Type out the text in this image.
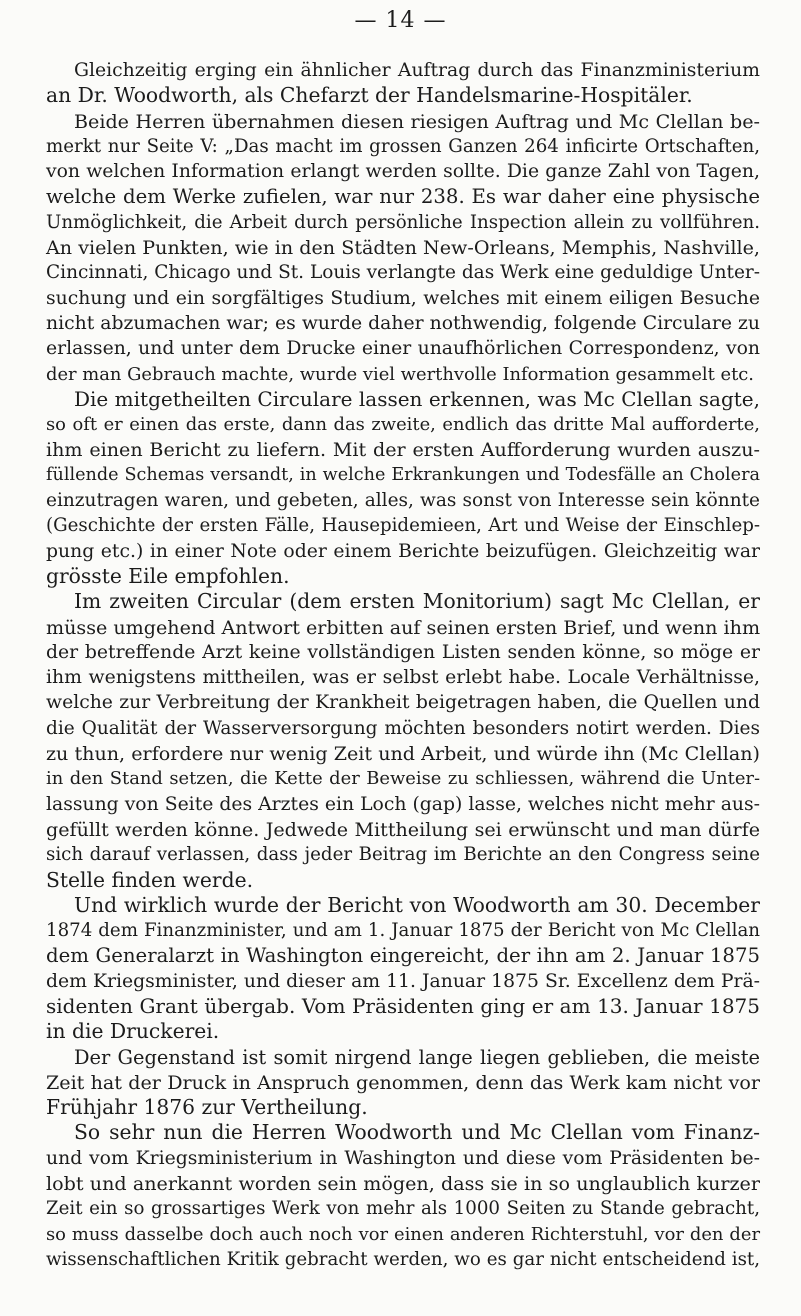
— 14 —
Gleichzeitig erging ein ähnlicher Auftrag durch das Finanzministerium
an Dr. Woodworth, als Chefarzt der Handelsmarine-Hospitäler.
Beide Herren übernahmen diesen riesigen Auftrag und Mc Clellan be-
merkt nur Seite V: „Das macht im grossen Ganzen 264 inficirte Ortschaften,
von welchen Information erlangt werden sollte. Die ganze Zahl von Tagen,
welche dem Werke zufielen, war nur 238. Es war daher eine physische
Unmöglichkeit, die Arbeit durch persönliche Inspection allein zu vollführen.
An vielen Punkten, wie in den Städten New-Orleans, Memphis, Nashville,
Cincinnati, Chicago und St. Louis verlangte das Werk eine geduldige Unter-
suchung und ein sorgfältiges Studium, welches mit einem eiligen Besuche
nicht abzumachen war; es wurde daher nothwendig, folgende Circulare zu
erlassen, und unter dem Drucke einer unaufhörlichen Correspondenz, von
der man Gebrauch machte, wurde viel werthvolle Information gesammelt etc.
Die mitgetheilten Circulare lassen erkennen, was Mc Clellan sagte,
so oft er einen das erste, dann das zweite, endlich das dritte Mal aufforderte,
ihm einen Bericht zu liefern. Mit der ersten Aufforderung wurden auszu-
füllende Schemas versandt, in welche Erkrankungen und Todesfälle an Cholera
einzutragen waren, und gebeten, alles, was sonst von Interesse sein könnte
(Geschichte der ersten Fälle, Hausepidemieen, Art und Weise der Einschlep-
pung etc.) in einer Note oder einem Berichte beizufügen. Gleichzeitig war
grösste Eile empfohlen.
Im zweiten Circular (dem ersten Monitorium) sagt Mc Clellan, er
müsse umgehend Antwort erbitten auf seinen ersten Brief, und wenn ihm
der betreffende Arzt keine vollständigen Listen senden könne, so möge er
ihm wenigstens mittheilen, was er selbst erlebt habe. Locale Verhältnisse,
welche zur Verbreitung der Krankheit beigetragen haben, die Quellen und
die Qualität der Wasserversorgung möchten besonders notirt werden. Dies
zu thun, erfordere nur wenig Zeit und Arbeit, und würde ihn (Mc Clellan)
in den Stand setzen, die Kette der Beweise zu schliessen, während die Unter-
lassung von Seite des Arztes ein Loch (gap) lasse, welches nicht mehr aus-
gefüllt werden könne. Jedwede Mittheilung sei erwünscht und man dürfe
sich darauf verlassen, dass jeder Beitrag im Berichte an den Congress seine
Stelle finden werde.
Und wirklich wurde der Bericht von Woodworth am 30. December
1874 dem Finanzminister, und am 1. Januar 1875 der Bericht von Mc Clellan
dem Generalarzt in Washington eingereicht, der ihn am 2. Januar 1875
dem Kriegsminister, und dieser am 11. Januar 1875 Sr. Excellenz dem Prä-
sidenten Grant übergab. Vom Präsidenten ging er am 13. Januar 1875
in die Druckerei.
Der Gegenstand ist somit nirgend lange liegen geblieben, die meiste
Zeit hat der Druck in Anspruch genommen, denn das Werk kam nicht vor
Frühjahr 1876 zur Vertheilung.
So sehr nun die Herren Woodworth und Mc Clellan vom Finanz-
und vom Kriegsministerium in Washington und diese vom Präsidenten be-
lobt und anerkannt worden sein mögen, dass sie in so unglaublich kurzer
Zeit ein so grossartiges Werk von mehr als 1000 Seiten zu Stande gebracht,
so muss dasselbe doch auch noch vor einen anderen Richterstuhl, vor den der
wissenschaftlichen Kritik gebracht werden, wo es gar nicht entscheidend ist,
